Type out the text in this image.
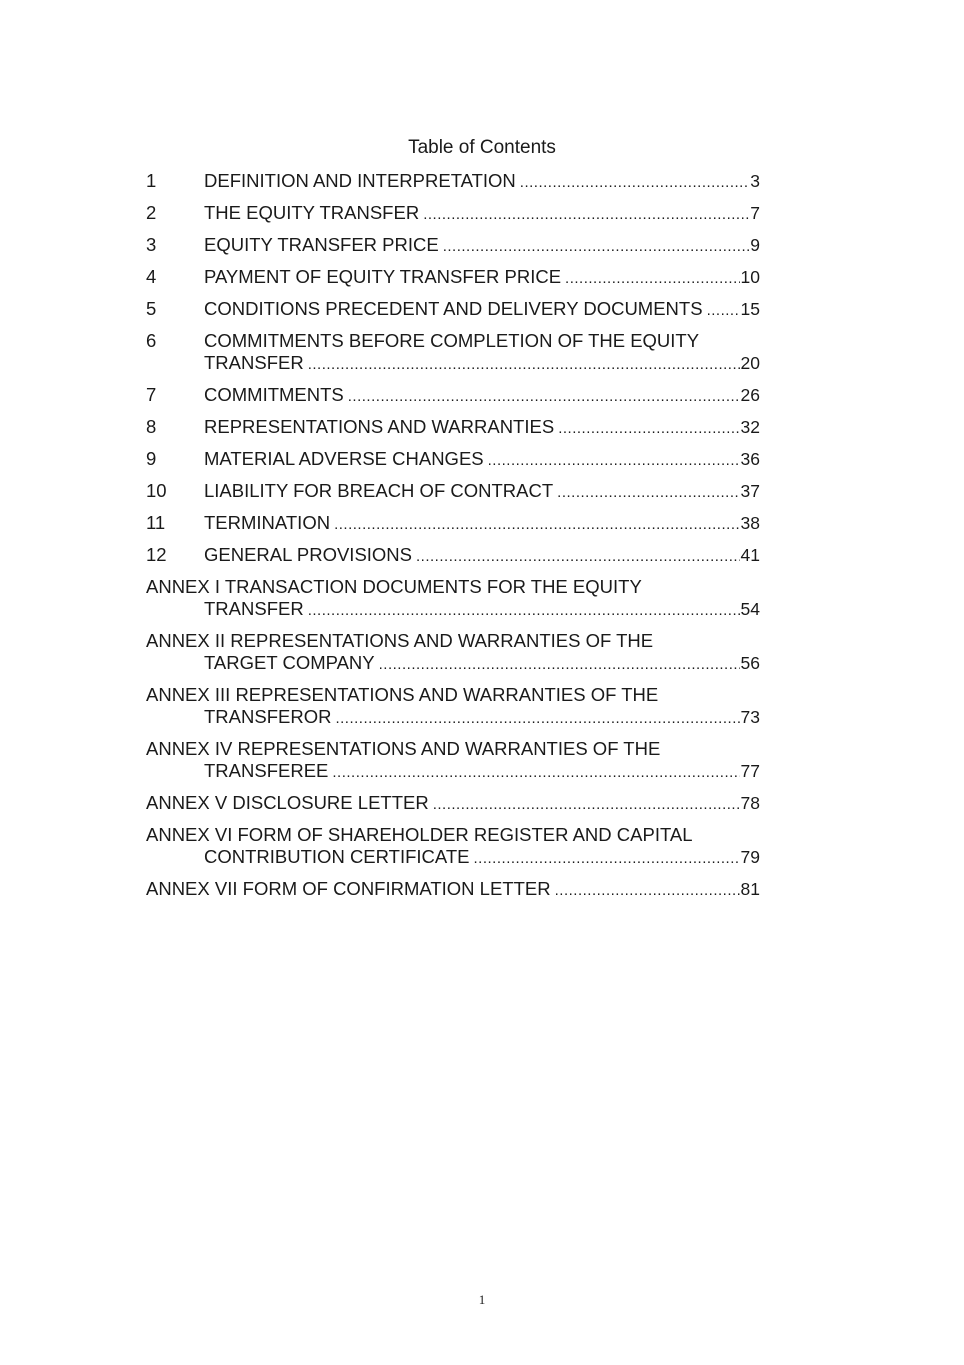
Table of Contents
1	DEFINITION AND INTERPRETATION .....	3
2	THE EQUITY TRANSFER .....	7
3	EQUITY TRANSFER PRICE .....	9
4	PAYMENT OF EQUITY TRANSFER PRICE .....	10
5	CONDITIONS PRECEDENT AND DELIVERY DOCUMENTS ..... 15
6	COMMITMENTS BEFORE COMPLETION OF THE EQUITY
TRANSFER .....	20
7	COMMITMENTS .....	26
8	REPRESENTATIONS AND WARRANTIES .....	32
9	MATERIAL ADVERSE CHANGES .....	36
10 LIABILITY FOR BREACH OF CONTRACT .....	37
11 TERMINATION .....	38
12 GENERAL PROVISIONS .....	41
ANNEX I TRANSACTION DOCUMENTS FOR THE EQUITY
TRANSFER .....	54
ANNEX II REPRESENTATIONS AND WARRANTIES OF THE
TARGET COMPANY .....	56
ANNEX III REPRESENTATIONS AND WARRANTIES OF THE
TRANSFEROR .....	73
ANNEX IV REPRESENTATIONS AND WARRANTIES OF THE
TRANSFEREE .....	77
ANNEX V DISCLOSURE LETTER .....	78
ANNEX VI FORM OF SHAREHOLDER REGISTER AND CAPITAL
CONTRIBUTION CERTIFICATE .....	79
ANNEX VII FORM OF CONFIRMATION LETTER .....	81
1
